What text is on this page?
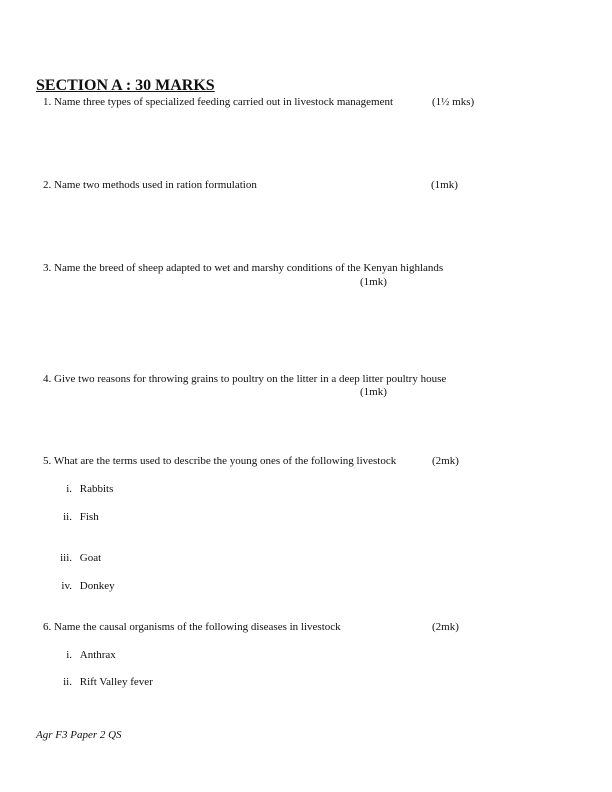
SECTION A : 30 MARKS
1. Name three types of specialized feeding carried out in livestock management	(1½ mks)
2. Name two methods used in ration formulation	(1mk)
3. Name the breed of sheep adapted to wet and marshy conditions of the Kenyan highlands
(1mk)
4. Give two reasons for throwing grains to poultry on the litter in a deep litter poultry house
(1mk)
5. What are the terms used to describe the young ones of the following livestock	(2mk)
i. Rabbits
ii. Fish
iii. Goat
iv. Donkey
6. Name the causal organisms of the following diseases in livestock	(2mk)
i. Anthrax
ii. Rift Valley fever
Agr F3 Paper 2 QS
